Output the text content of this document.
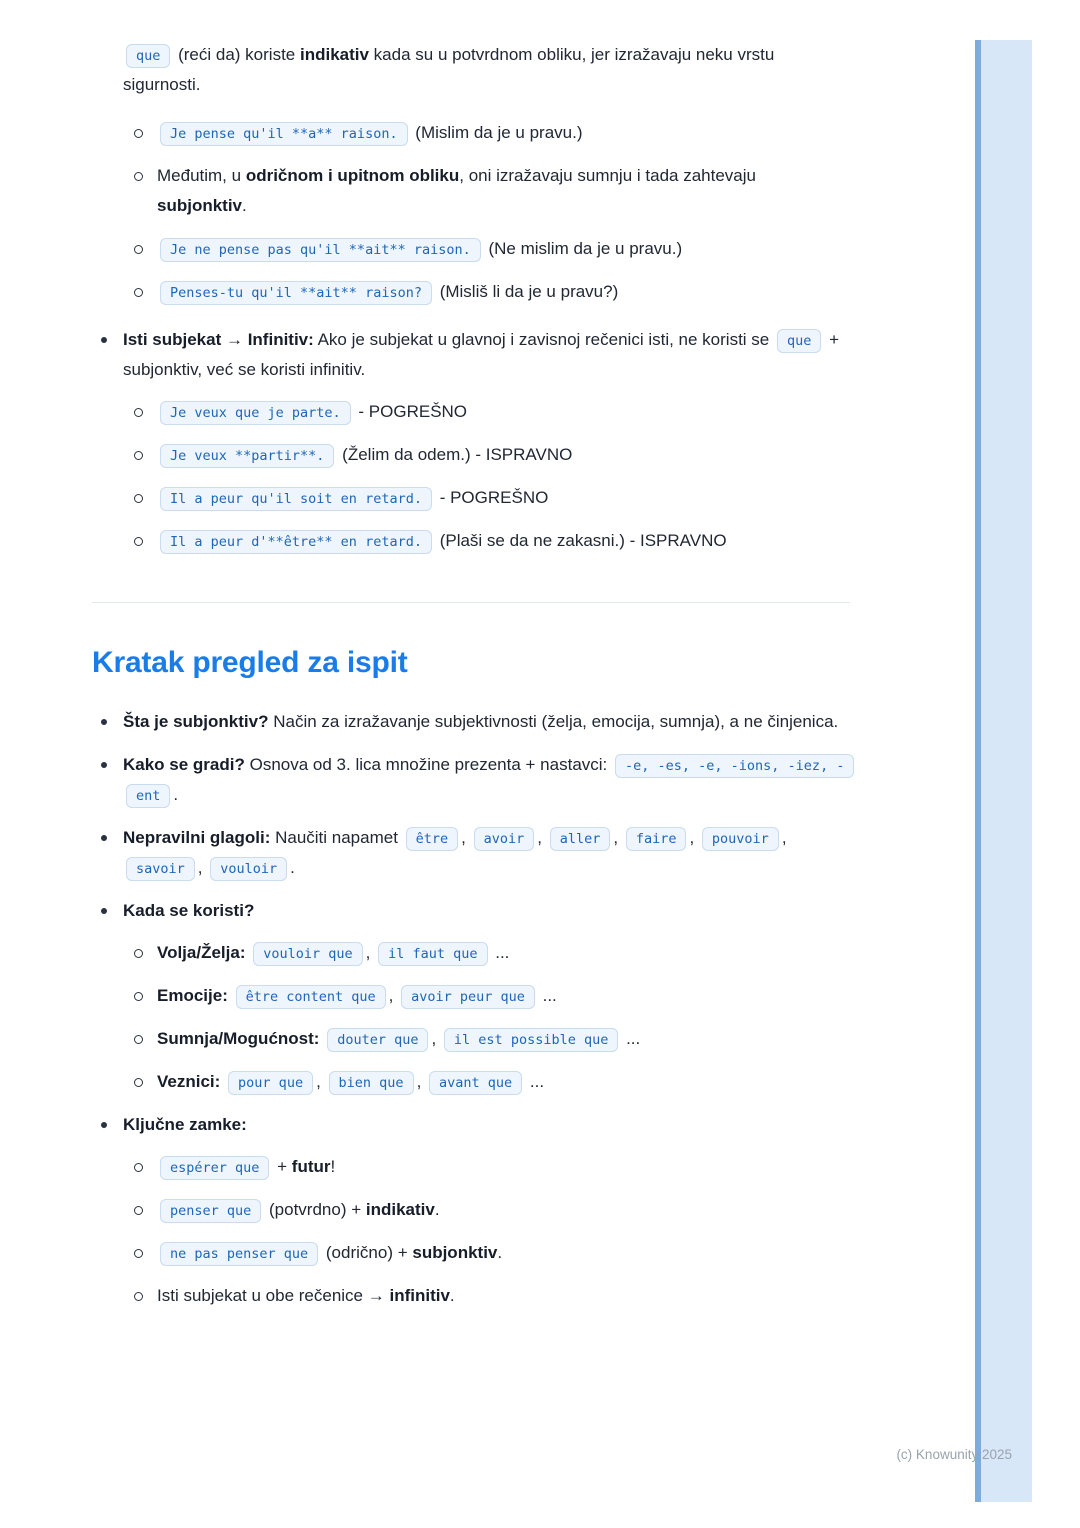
que (reći da) koriste indikativ kada su u potvrdnom obliku, jer izražavaju neku vrstu sigurnosti.
Je pense qu'il **a** raison. (Mislim da je u pravu.)
Međutim, u odričnom i upitnom obliku, oni izražavaju sumnju i tada zahtevaju subjonktiv.
Je ne pense pas qu'il **ait** raison. (Ne mislim da je u pravu.)
Penses-tu qu'il **ait** raison? (Misliš li da je u pravu?)
Isti subjekat → Infinitiv: Ako je subjekat u glavnoj i zavisnoj rečenici isti, ne koristi se que + subjonktiv, već se koristi infinitiv.
Je veux que je parte. - POGREŠNO
Je veux **partir**. (Želim da odem.) - ISPRAVNO
Il a peur qu'il soit en retard. - POGREŠNO
Il a peur d'**être** en retard. (Plaši se da ne zakasni.) - ISPRAVNO
Kratak pregled za ispit
Šta je subjonktiv? Način za izražavanje subjektivnosti (želja, emocija, sumnja), a ne činjenica.
Kako se gradi? Osnova od 3. lica množine prezenta + nastavci: -e, -es, -e, -ions, -iez, -ent .
Nepravilni glagoli: Naučiti napamet être , avoir , aller , faire , pouvoir , savoir , vouloir .
Kada se koristi?
Volja/Želja: vouloir que , il faut que ...
Emocije: être content que , avoir peur que ...
Sumnja/Mogućnost: douter que , il est possible que ...
Veznici: pour que , bien que , avant que ...
Ključne zamke:
espérer que + futur!
penser que (potvrdno) + indikativ.
ne pas penser que (odrično) + subjonktiv.
Isti subjekat u obe rečenice → infinitiv.
(c) Knowunity 2025
